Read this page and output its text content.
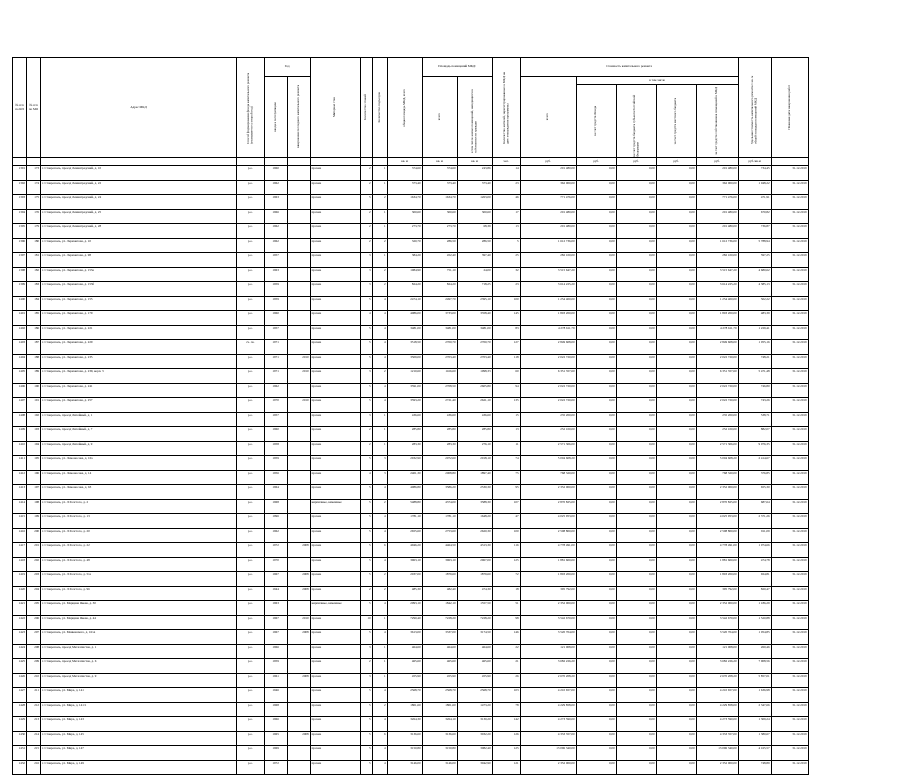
№ п/п по КП	№ п/п по МО	Адрес МКД	Способ формирования фонда капитального ремонта (указывается со второй год)	Год		Материал стен	Количество этажей	Количество подъездов	общая площадь МКД, всего	Площадь помещений МКД:		Количество жителей, зарегистрированных в МКД на дату утверждения программы	Стоимость капитального ремонта					Удельная стоимость капитального ремонта 1 кв. м общей площади помещений МКД	Плановая дата завершения работ

				ввода в эксплуатацию	завершения последнего капитального ремонта					всего	в том числе жилых помещений, находящихся в собственности граждан		всего	в том числе					

														за счет средств Фонда	за счет средств бюджета субъекта Российской Федерации	за счет средств местного бюджета	за счет средств собственников помещений в МКД		

									кв. м	кв. м	кв. м	чел.	руб.	руб.	руб.	руб.	руб.	руб./кв.м	
1391	173	г. Ставрополь, проезд Ленинградский, д. 10	р.о.	1960		прочие	2	1	374,60	374,60	243,86	14	201 480,00	0,00	0,00	0,00	201 480,00	734,45	31.12.2019
1392	174	г. Ставрополь, проезд Ленинградский, д. 22	р.о.	1962		прочие	2	1	373,40	373,40	373,40	23	362 000,00	0,00	0,00	0,00	362 000,00	1 048,22	31.12.2019
1393	175	г. Ставрополь, проезд Ленинградский, д. 24	р.о.	1963		прочие	5	2	1634,70	1634,70	1263,00	46	771 476,00	0,00	0,00	0,00	771 476,00	471,91	31.12.2019
1394	176	г. Ставрополь, проезд Ленинградский, д. 25	р.о.	1966		прочие	2	1	300,60	300,60	300,60	17	201 480,00	0,00	0,00	0,00	201 480,00	670,82	31.12.2019
1395	179	г. Ставрополь, проезд Ленинградский, д. 28	р.о.	1962		прочие	2	1	273,70	273,70	68,39	13	201 480,00	0,00	0,00	0,00	201 480,00	736,87	31.12.2019
1396	180	г. Ставрополь, ул. Лермонтова, д. 10	р.о.	1962		прочие	2	2	320,70	286,50	286,50	5	1 612 736,00	0,00	0,00	0,00	1 612 736,00	5 788,94	31.12.2019
1397	181	г. Ставрополь, ул. Лермонтова, д. 98	р.о.	1957		прочие	3	1	384,20	452,40	397,40	25	282 100,00	0,00	0,00	0,00	282 100,00	597,25	31.12.2019
1398	182	г. Ставрополь, ул. Лермонтова, д. 153а	р.о.	1963		прочие	3	2	1084,90	751,10	24,00	32	3 515 647,20	0,00	0,00	0,00	3 515 647,20	4 680,62	31.12.2019
1399	183	г. Ставрополь, ул. Лермонтова, д. 153б	р.о.	1959		прочие	3	2	824,20	824,20	718,25	23	3 614 225,20	0,00	0,00	0,00	3 614 225,20	4 385,13	31.12.2019
1400	184	г. Ставрополь, ул. Лермонтова, д. 155	р.о.	1959		прочие	5	4	2474,10	2497,70	2395,10	100	1 254 400,00	0,00	0,00	0,00	1 254 400,00	502,22	31.12.2019
1401	185	г. Ставрополь, ул. Лермонтова, д. 179	р.о.	1960		прочие	4	4	4086,00	3733,00	3358,40	145	1 803 200,00	0,00	0,00	0,00	1 803 200,00	483,39	31.12.2019
1402	186	г. Ставрополь, ул. Лермонтова, д. 221	р.о.	1957		прочие	5	4	3481,00	3481,00	3481,00	83	4 278 611,79	0,00	0,00	0,00	4 278 611,79	1 229,41	31.12.2019
1403	187	г. Ставрополь, ул. Лермонтова, д. 229	сч. ск.	1971		прочие	5	4	3518,50	2700,70	2700,70	127	2 849 608,00	0,00	0,00	0,00	2 849 608,00	1 055,16	31.12.2019
1404	188	г. Ставрополь, ул. Лермонтова, д. 235	р.о.	1971	2010	прочие	5	4	3509,00	2703,40	2703,40	118	2 022 720,00	0,00	0,00	0,00	2 022 720,00	748,21	31.12.2019
1405	189	г. Ставрополь, ул. Лермонтова, д. 239, корп. 3	р.о.	1971	2010	прочие	3	2	1210,60	1166,60	1098,33	60	6 351 357,60	0,00	0,00	0,00	6 351 357,60	5 471,48	31.12.2019
1406	190	г. Ставрополь, ул. Лермонтова, д. 241	р.о.	1962		прочие	5	4	3591,00	2708,50	2605,80	94	2 022 720,00	0,00	0,00	0,00	2 022 720,00	746,80	31.12.2019
1407	191	г. Ставрополь, ул. Лермонтова, д. 257	р.о.	1970	2010	прочие	5	4	3593,20	2721,40	2621,10	135	2 022 720,00	0,00	0,00	0,00	2 022 720,00	743,26	31.12.2019
1408	192	г. Ставрополь, проезд Литейный, д. 1	р.о.	1957		прочие	3	1	436,60	436,60	436,60	15	235 200,00	0,00	0,00	0,00	235 200,00	538,71	31.12.2019
1409	193	г. Ставрополь, проезд Литейный, д. 7	р.о.	1960		прочие	2	1	285,80	285,80	285,80	13	252 100,00	0,00	0,00	0,00	252 100,00	882,07	31.12.2019
1410	194	г. Ставрополь, проезд Литейный, д. 9	р.о.	1958		прочие	2	1	283,30	283,30	276,10	11	2 571 306,00	0,00	0,00	0,00	2 571 306,00	9 076,35	31.12.2019
1411	195	г. Ставрополь, ул. Ломоносова, д. 10а	р.о.	1959		прочие	5	3	2932,90	2072,60	2018,10	74	5 004 608,20	0,00	0,00	0,00	5 004 608,20	2 414,67	31.12.2019
1412	196	г. Ставрополь, ул. Ломоносова, д. 14	р.о.	1956		прочие	4	3	2401,30	2008,80	1897,40	75	768 320,00	0,00	0,00	0,00	768 320,00	376,85	31.12.2019
1413	197	г. Ставрополь, ул. Ломоносова, д. 63	р.о.	1964		прочие	5	4	4086,80	3586,20	2530,30	95	2 352 000,00	0,00	0,00	0,00	2 352 000,00	655,30	31.12.2019
1414	198	г. Ставрополь, ул. Л.Толстого, д. 2	р.о.	1968		кирпичные, каменные	5	2	5488,80	4374,00	3588,30	107	2 870 825,00	0,00	0,00	0,00	2 870 825,00	687,64	31.12.2019
1415	199	г. Ставрополь, ул. Л.Толстого, д. 13	р.о.	1996		прочие	5	4	1781,10	1781,10	1648,20	47	4 025 953,00	0,00	0,00	0,00	4 025 953,00	2 371,26	31.12.2019
1416	200	г. Ставрополь, ул. Л.Толстого, д. 20	р.о.	1962		прочие	5	4	2655,60	2753,60	2620,30	100	2 508 800,00	0,00	0,00	0,00	2 508 800,00	911,09	31.12.2019
1417	201	г. Ставрополь, ул. Л.Толстого, д. 22	р.о.	1972	2008	прочие	5	6	4946,20	4464,50	4313,30	116	4 778 491,00	0,00	0,00	0,00	4 778 491,00	1 074,66	31.12.2019
1418	202	г. Ставрополь, ул. Л.Толстого, д. 48	р.о.	1970		прочие	5	4	3963,10	3963,10	2967,00	125	1 881 600,00	0,00	0,00	0,00	1 881 600,00	474,78	31.12.2019
1419	203	г. Ставрополь, ул. Л.Толстого, д. 51а	р.о.	1967	2008	прочие	5	2	2037,00	1879,60	1879,60	72	1 803 200,00	0,00	0,00	0,00	1 803 200,00	924,81	31.12.2019
1420	204	г. Ставрополь, ул. Л.Толстого, д. 96	р.о.	1944	2008	прочие	2	2	485,30	482,40	474,30	18	395 792,00	0,00	0,00	0,00	395 792,00	820,47	31.12.2019
1421	205	г. Ставрополь, ул. Марцина Якова, д. 30	р.о.	1963		кирпичные, каменные	5	4	2093,10	1842,10	1557,50	51	2 352 000,00	0,00	0,00	0,00	2 352 000,00	1 186,29	31.12.2019
1422	206	г. Ставрополь, ул. Марцина Якова, д. 44	р.о.	1967	2010	прочие	10	1	7290,40	7228,20	7228,20	98	3 542 670,00	0,00	0,00	0,00	3 542 670,00	1 520,88	31.12.2019
1423	207	г. Ставрополь, ул. Маяковского, д. 16/А	р.о.	1967	2008	прочие	5	4	3613,00	3337,00	3174,50	146	3 520 704,00	0,00	0,00	0,00	3 520 704,00	1 054,85	31.12.2019
1424	208	г. Ставрополь, проезд Металлистов, д. 1	р.о.	1966		прочие	3	1	464,60	464,60	464,60	22	121 008,00	0,00	0,00	0,00	121 008,00	260,46	31.12.2019
1425	209	г. Ставрополь, проезд Металлистов, д. 6	р.о.	1959		прочие	2	1	465,60	465,60	465,60	21	3 682 226,20	0,00	0,00	0,00	3 682 226,20	7 908,56	31.12.2019
1426	210	г. Ставрополь, проезд Металлистов, д. 9	р.о.	1961	2008	прочие	3	1	455,90	455,90	455,90	26	2 670 208,20	0,00	0,00	0,00	2 670 208,20	5 857,01	31.12.2019
1427	211	г. Ставрополь, ул. Мира, д. 141	р.о.	1946		прочие	5	4	2568,70	2568,70	2568,70	103	4 210 657,00	0,00	0,00	0,00	4 210 657,00	1 636,98	31.12.2019
1428	212	г. Ставрополь, ул. Мира, д. 141/1	р.о.	1968		прочие	5	2	1801,60	1801,60	1473,20	78	4 229 858,00	0,00	0,00	0,00	4 229 858,00	2 347,66	31.12.2019
1429	213	г. Ставрополь, ул. Мира, д. 143	р.о.	1966		прочие	5	4	3264,30	3264,10	3130,20	142	4 273 590,00	0,00	0,00	0,00	4 273 590,00	1 309,24	31.12.2019
1430	214	г. Ставрополь, ул. Мира, д. 145	р.о.	1965	2008	прочие	5	6	3136,60	3136,60	3032,20	126	4 333 357,00	0,00	0,00	0,00	4 333 357,00	1 380,67	31.12.2019
1431	215	г. Ставрополь, ул. Мира, д. 147	р.о.	1969		прочие	5	4	3150,80	3150,80	3082,40	125	13 096 340,00	0,00	0,00	0,00	13 096 340,00	4 165,57	31.12.2019
1432	216	г. Ставрополь, ул. Мира, д. 149	р.о.	1972		прочие	5	4	3146,00	3146,00	3042,90	121	2 352 000,00	0,00	0,00	0,00	2 352 000,00	748,89	31.12.2019
